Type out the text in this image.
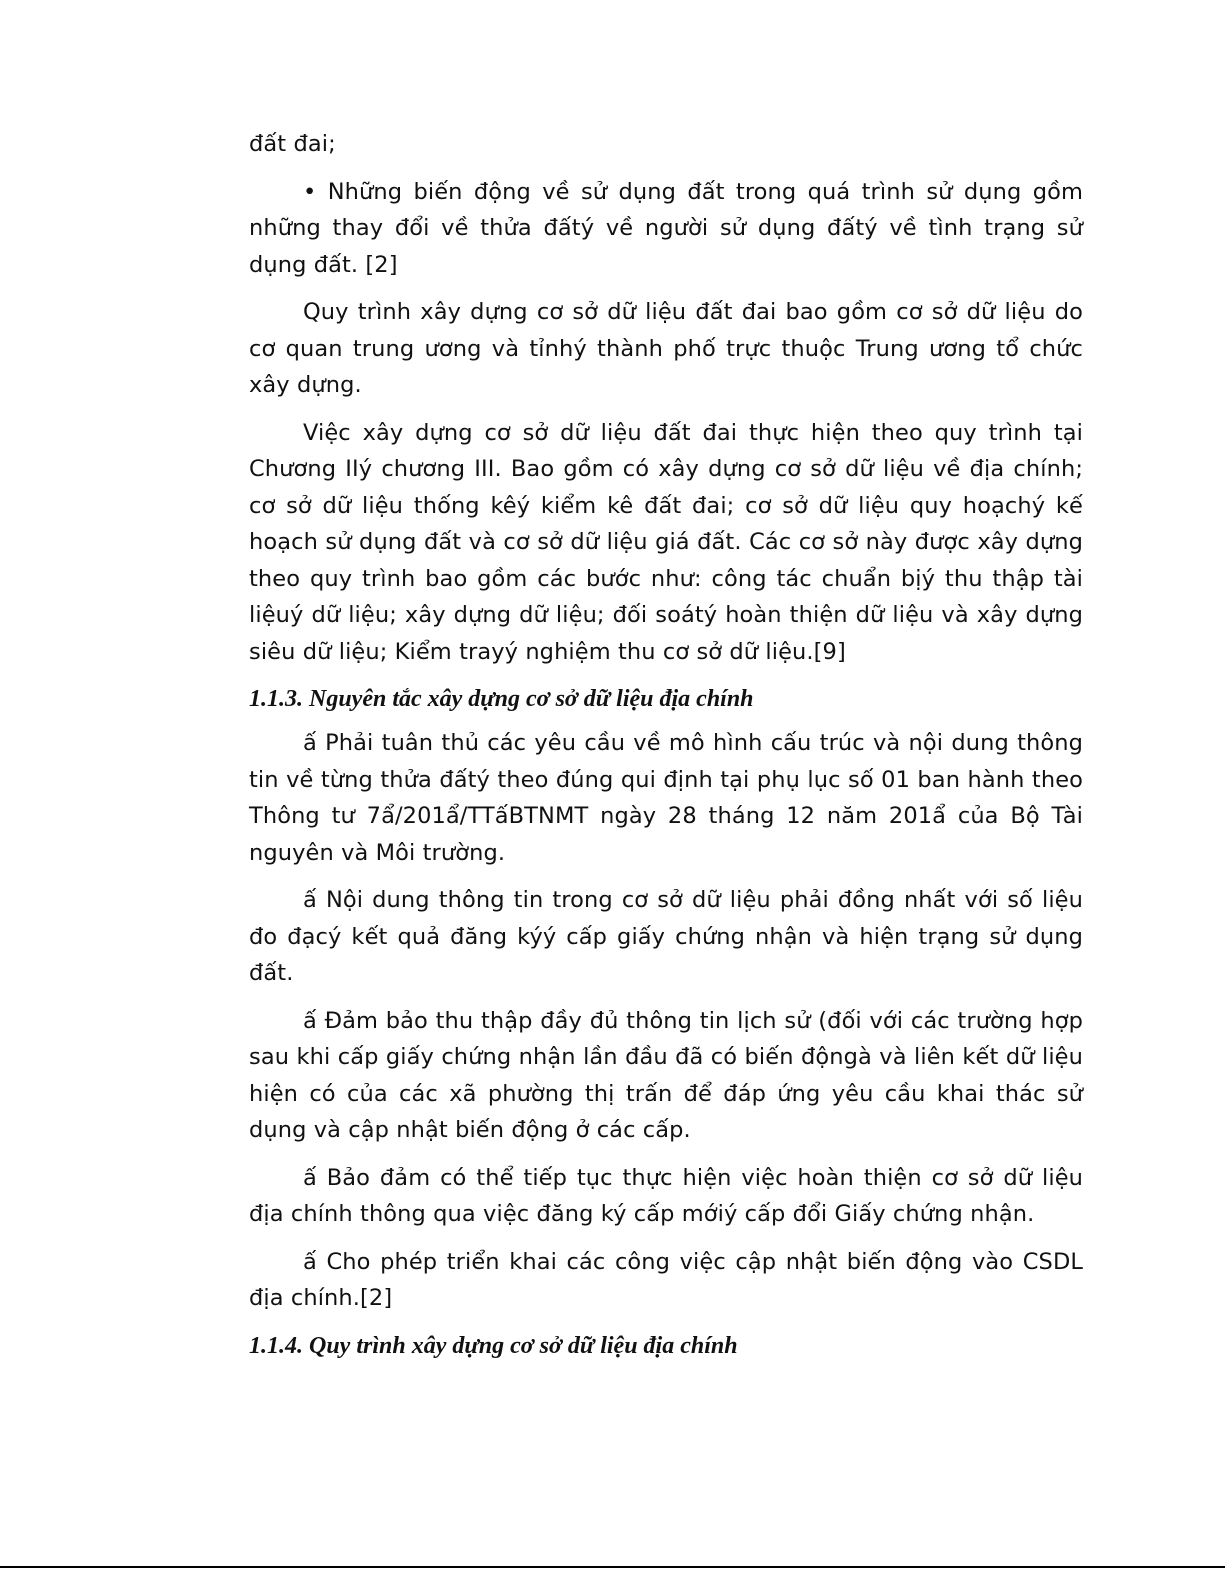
đất đai;

• Những biến động về sử dụng đất trong quá trình sử dụng gồm những thay đổi về thửa đấtý về người sử dụng đấtý về tình trạng sử dụng đất. [2]

Quy trình xây dựng cơ sở dữ liệu đất đai bao gồm cơ sở dữ liệu do cơ quan trung ương và tỉnhý thành phố trực thuộc Trung ương tổ chức xây dựng.

Việc xây dựng cơ sở dữ liệu đất đai thực hiện theo quy trình tại Chương IIý chương III. Bao gồm có xây dựng cơ sở dữ liệu về địa chính; cơ sở dữ liệu thống kêý kiểm kê đất đai; cơ sở dữ liệu quy hoạchý kế hoạch sử dụng đất và cơ sở dữ liệu giá đất. Các cơ sở này được xây dựng theo quy trình bao gồm các bước như: công tác chuẩn bịý thu thập tài liệuý dữ liệu; xây dựng dữ liệu; đối soátý hoàn thiện dữ liệu và xây dựng siêu dữ liệu; Kiểm trayý nghiệm thu cơ sở dữ liệu.[9]

1.1.3. Nguyên tắc xây dựng cơ sở dữ liệu địa chính

ấ Phải tuân thủ các yêu cầu về mô hình cấu trúc và nội dung thông tin về từng thửa đấtý theo đúng qui định tại phụ lục số 01 ban hành theo Thông tư 7ẩ/201ẩ/TTấBTNMT ngày 28 tháng 12 năm 201ẩ của Bộ Tài nguyên và Môi trường.

ấ Nội dung thông tin trong cơ sở dữ liệu phải đồng nhất với số liệu đo đạcý kết quả đăng kýý cấp giấy chứng nhận và hiện trạng sử dụng đất.

ấ Đảm bảo thu thập đầy đủ thông tin lịch sử (đối với các trường hợp sau khi cấp giấy chứng nhận lần đầu đã có biến độngà và liên kết dữ liệu hiện có của các xã phường thị trấn để đáp ứng yêu cầu khai thác sử dụng và cập nhật biến động ở các cấp.

ấ Bảo đảm có thể tiếp tục thực hiện việc hoàn thiện cơ sở dữ liệu địa chính thông qua việc đăng ký cấp mớiý cấp đổi Giấy chứng nhận.

ấ Cho phép triển khai các công việc cập nhật biến động vào CSDL địa chính.[2]

1.1.4. Quy trình xây dựng cơ sở dữ liệu địa chính
